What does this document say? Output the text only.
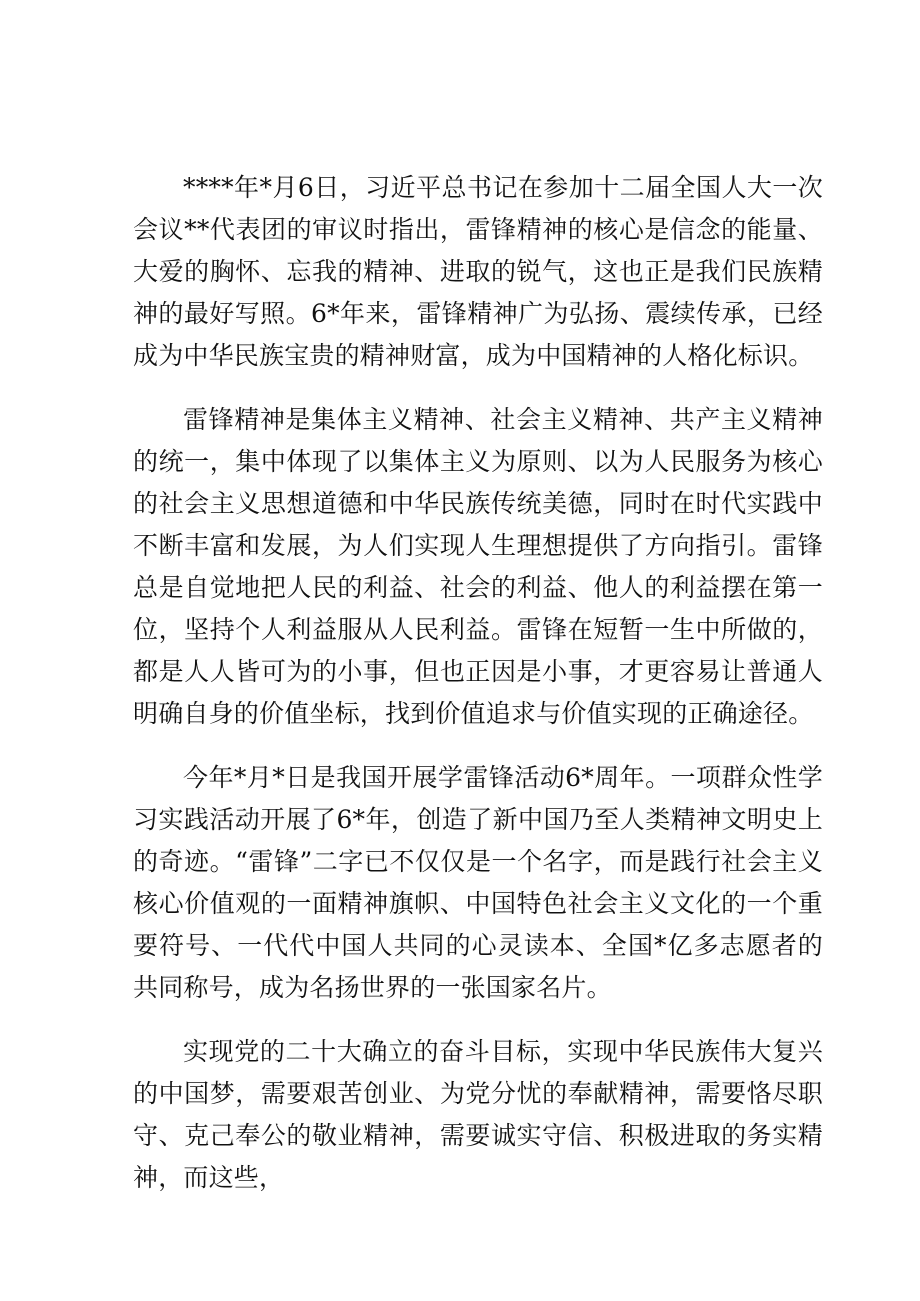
****年*月6日，习近平总书记在参加十二届全国人大一次会议**代表团的审议时指出，雷锋精神的核心是信念的能量、大爱的胸怀、忘我的精神、进取的锐气，这也正是我们民族精神的最好写照。6*年来，雷锋精神广为弘扬、震续传承，已经成为中华民族宝贵的精神财富，成为中国精神的人格化标识。

雷锋精神是集体主义精神、社会主义精神、共产主义精神的统一，集中体现了以集体主义为原则、以为人民服务为核心的社会主义思想道德和中华民族传统美德，同时在时代实践中不断丰富和发展，为人们实现人生理想提供了方向指引。雷锋总是自觉地把人民的利益、社会的利益、他人的利益摆在第一位，坚持个人利益服从人民利益。雷锋在短暂一生中所做的，都是人人皆可为的小事，但也正因是小事，才更容易让普通人明确自身的价值坐标，找到价值追求与价值实现的正确途径。

今年*月*日是我国开展学雷锋活动6*周年。一项群众性学习实践活动开展了6*年，创造了新中国乃至人类精神文明史上的奇迹。“雷锋”二字已不仅仅是一个名字，而是践行社会主义核心价值观的一面精神旗帜、中国特色社会主义文化的一个重要符号、一代代中国人共同的心灵读本、全国*亿多志愿者的共同称号，成为名扬世界的一张国家名片。

实现党的二十大确立的奋斗目标，实现中华民族伟大复兴的中国梦，需要艰苦创业、为党分忧的奉献精神，需要恪尽职守、克己奉公的敬业精神，需要诚实守信、积极进取的务实精神，而这些，
